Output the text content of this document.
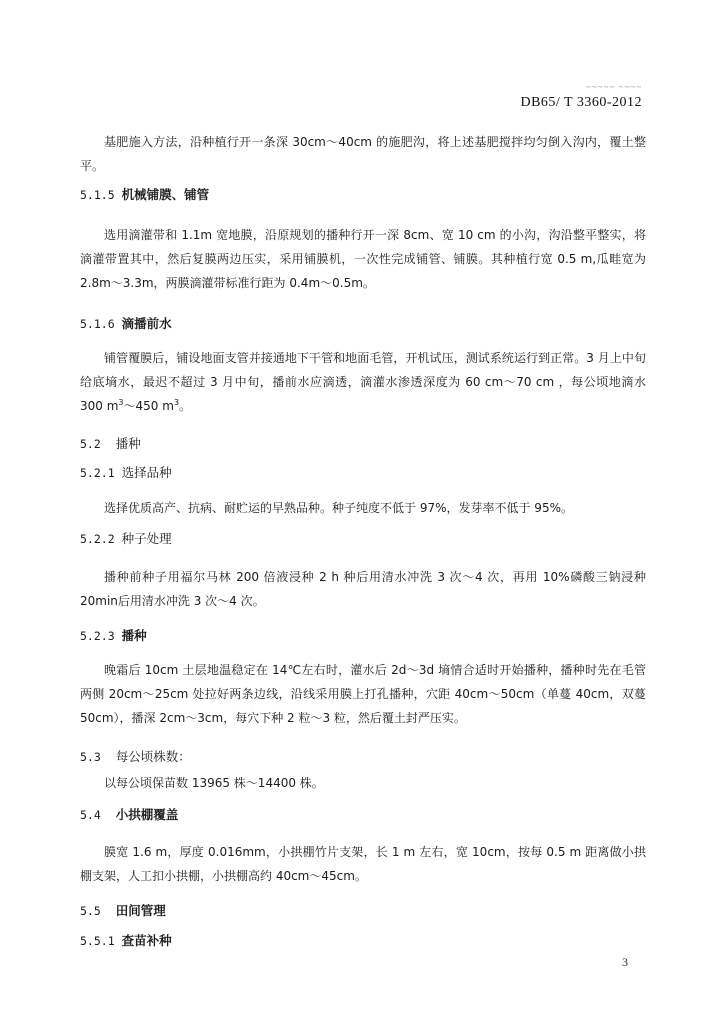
~~~~~ ~~~~
DB65/ T 3360-2012

基肥施入方法，沿种植行开一条深 30cm～40cm 的施肥沟，将上述基肥搅拌均匀倒入沟内，覆土整平。

5.1.5 机械铺膜、铺管

选用滴灌带和 1.1m 宽地膜，沿原规划的播种行开一深 8cm、宽 10 cm 的小沟，沟沿整平整实，将滴灌带置其中，然后复膜两边压实，采用铺膜机，一次性完成铺管、铺膜。其种植行宽 0.5 m,瓜畦宽为 2.8m～3.3m，两膜滴灌带标准行距为 0.4m～0.5m。

5.1.6 滴播前水

铺管覆膜后，铺设地面支管并接通地下干管和地面毛管，开机试压，测试系统运行到正常。3 月上中旬给底墒水，最迟不超过 3 月中旬，播前水应滴透，滴灌水渗透深度为 60 cm～70 cm ，每公顷地滴水 300 $m^3\sim 450$ $m^3$。

5.2 播种
5.2.1 选择品种

选择优质高产、抗病、耐贮运的早熟品种。种子纯度不低于 97%，发芽率不低于 95%。

5.2.2 种子处理

播种前种子用福尔马林 200 倍液浸种 2 h 种后用清水冲洗 3 次～4 次，再用 10%磷酸三钠浸种 20min后用清水冲洗 3 次～4 次。

5.2.3 播种

晚霜后 10cm 土层地温稳定在 14℃左右时，灌水后 2d～3d 墒情合适时开始播种，播种时先在毛管两侧 20cm～25cm 处拉好两条边线，沿线采用膜上打孔播种，穴距 40cm～50cm（单蔓 40cm，双蔓 50cm），播深 2cm～3cm，每穴下种 2 粒～3 粒，然后覆土封严压实。

5.3 每公顷株数：

以每公顷保苗数 13965 株～14400 株。

5.4 小拱棚覆盖

膜宽 1.6 m，厚度 0.016mm，小拱棚竹片支架，长 1 m 左右，宽 10cm，按每 0.5 m 距离做小拱棚支架，人工扣小拱棚，小拱棚高约 40cm～45cm。

5.5 田间管理
5.5.1 查苗补种
3
